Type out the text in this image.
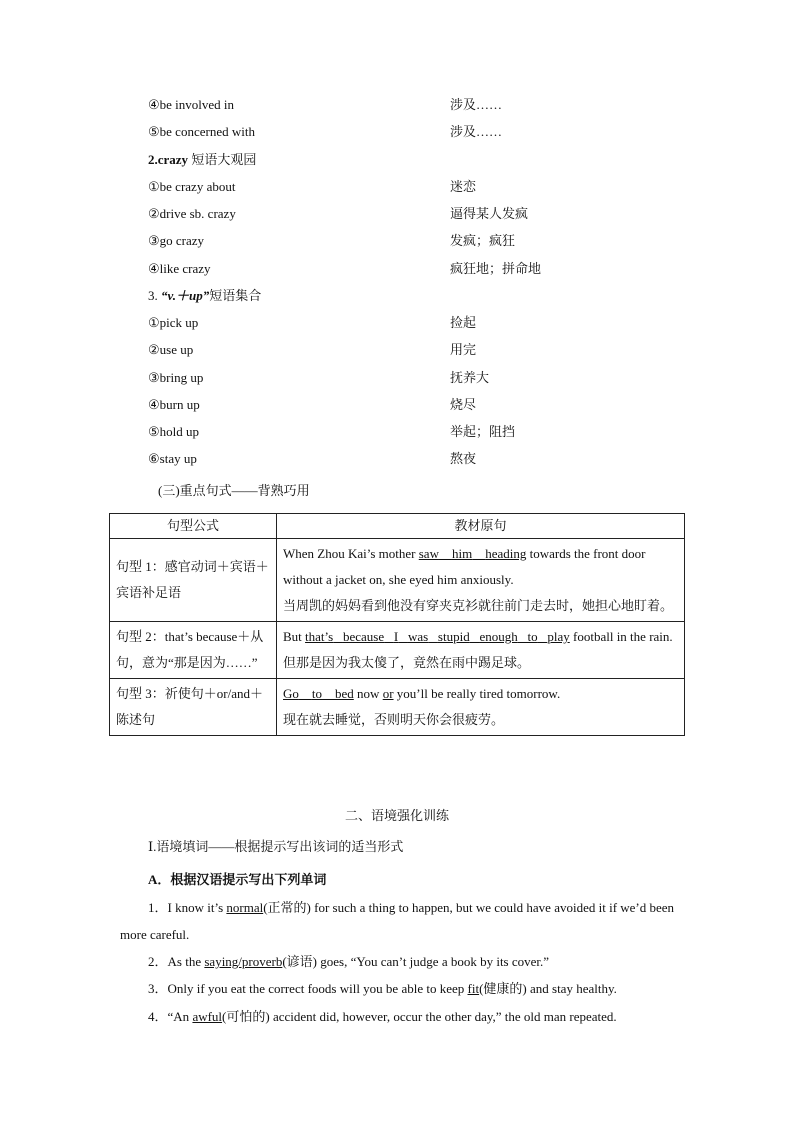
④be involved in	涉及……
⑤be concerned with	涉及……
2.crazy 短语大观园
①be crazy about	迷恋
②drive sb. crazy	逼得某人发疯
③go crazy	发疯；疯狂
④like crazy	疯狂地；拼命地
3. “v.＋up”短语集合
①pick up	捡起
②use up	用完
③bring up	抚养大
④burn up	烧尽
⑤hold up	举起；阻挡
⑥stay up	熬夜
(三)重点句式——背熟巧用
句型公式	教材原句
句型 1：感官动词＋宾语＋宾语补足语	When Zhou Kai’s mother saw him heading towards the front door without a jacket on, she eyed him anxiously.
当周凯的妈妈看到他没有穿夹克衫就往前门走去时，她担心地盯着。

句型 2：that’s because＋从句，意为“那是因为……”	But that’s because I was stupid enough to play football in the rain.
但那是因为我太傻了，竟然在雨中踢足球。

句型 3：祈使句＋or/and＋陈述句	Go to bed now or you’ll be really tired tomorrow.
现在就去睡觉，否则明天你会很疲劳。
二、语境强化训练
Ⅰ.语境填词——根据提示写出该词的适当形式
A．根据汉语提示写出下列单词
1．I know it’s normal(正常的) for such a thing to happen, but we could have avoided it if we’d been more careful.
2．As the saying/proverb(谚语) goes, “You can’t judge a book by its cover.”
3．Only if you eat the correct foods will you be able to keep fit(健康的) and stay healthy.
4．“An awful(可怕的) accident did, however, occur the other day,” the old man repeated.
